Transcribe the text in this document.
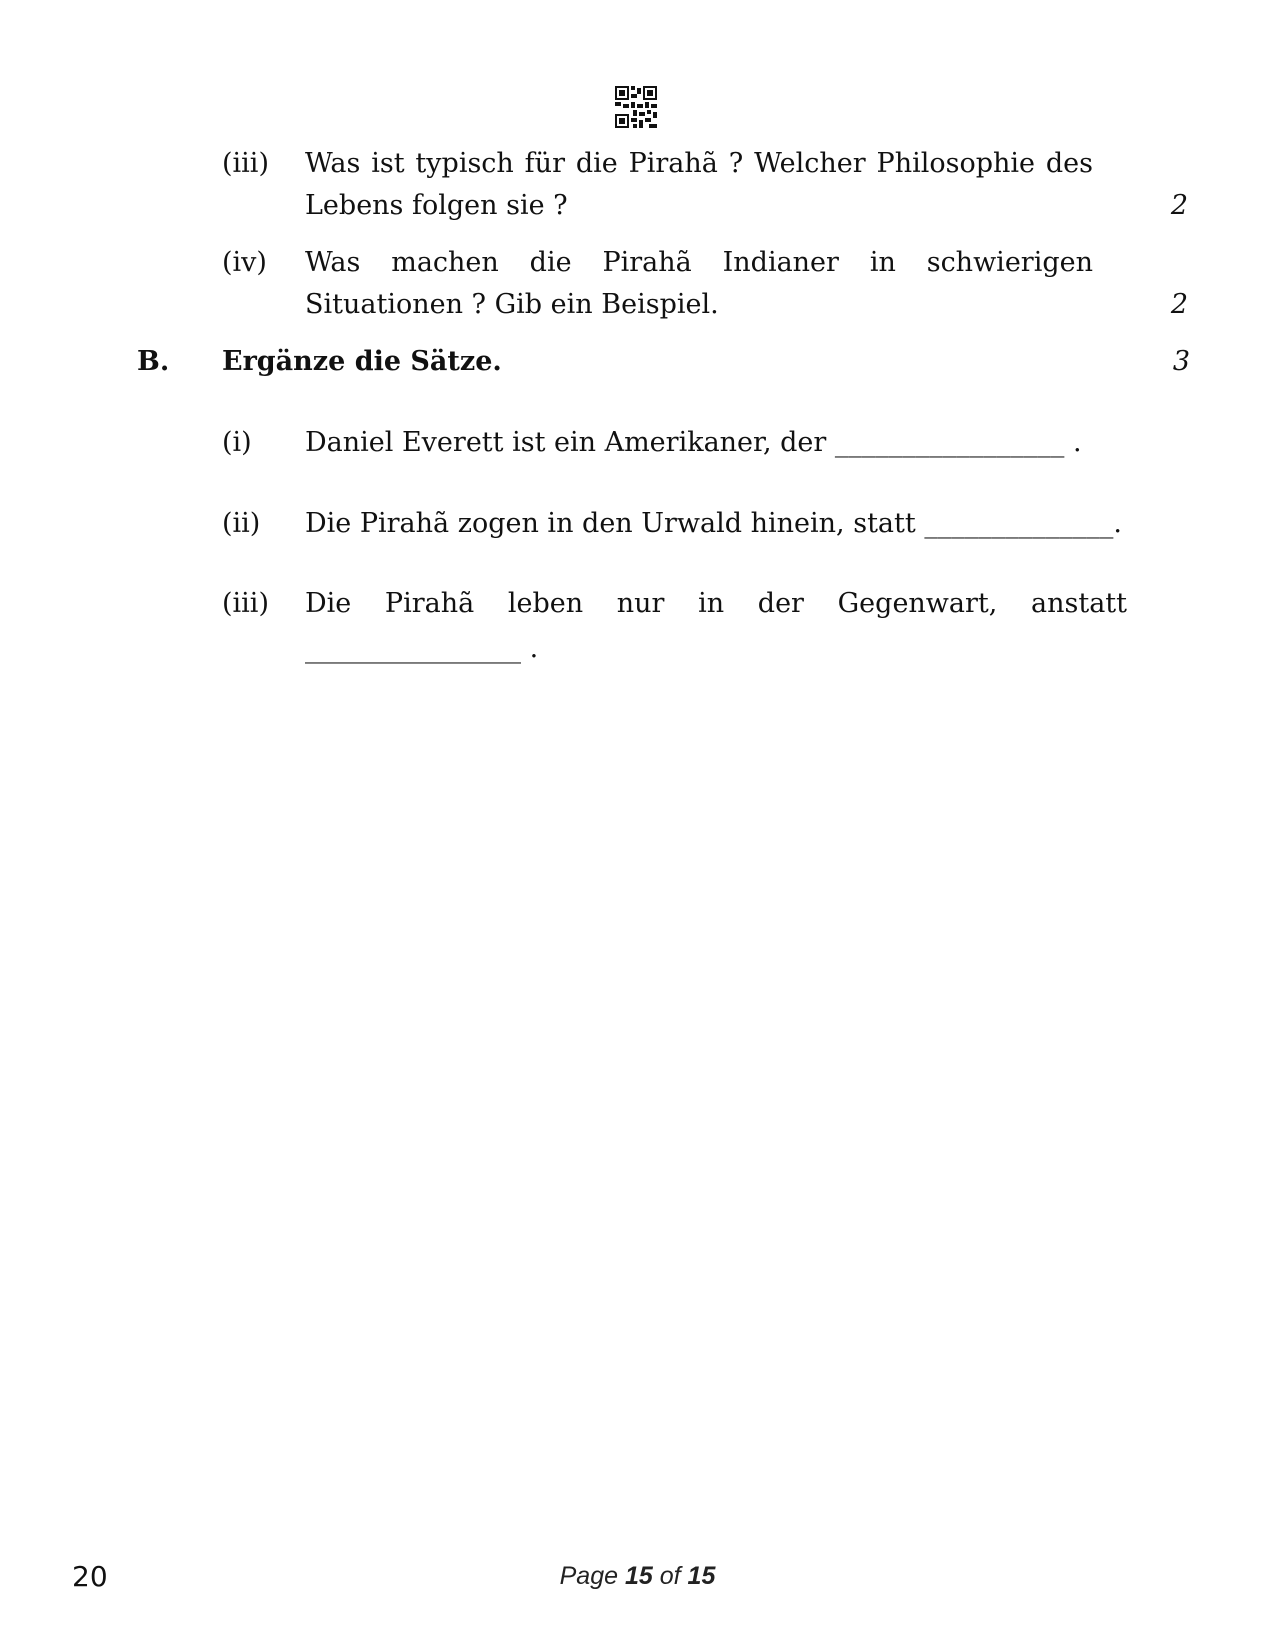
(iii) Was ist typisch für die Pirahã ? Welcher Philosophie des
Lebens folgen sie ?	2
(iv) Was machen die Pirahã Indianer in schwierigen
Situationen ? Gib ein Beispiel.	2
B. Ergänze die Sätze.	3
(i) Daniel Everett ist ein Amerikaner, der _________________ .
(ii) Die Pirahã zogen in den Urwald hinein, statt ______________.
(iii) Die Pirahã leben nur in der Gegenwart, anstatt
________________ .
20	Page 15 of 15
